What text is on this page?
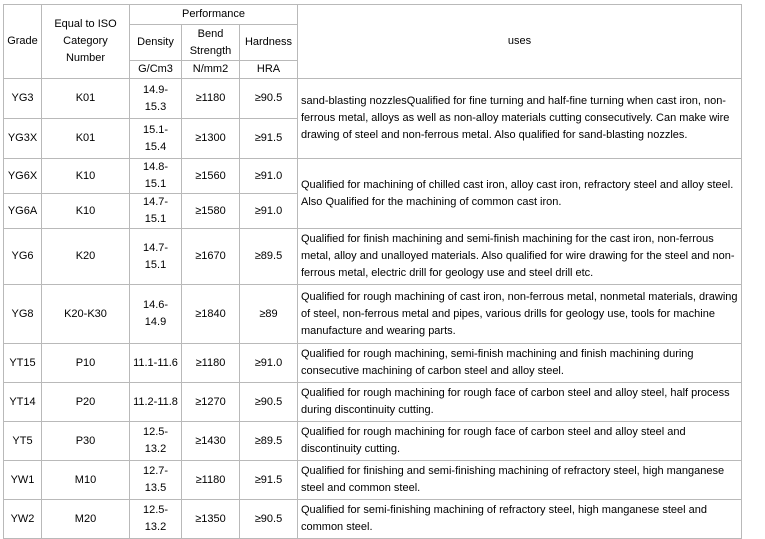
Grade	Equal to ISO Category Number	Performance			uses
		Density	Bend Strength	Hardness	
		G/Cm3	N/mm2	HRA	
YG3	K01	14.9-15.3	≥1180	≥90.5	sand-blasting nozzlesQualified for fine turning and half-fine turning when cast iron, non-ferrous metal, alloys as well as non-alloy materials cutting consecutively. Can make wire drawing of steel and non-ferrous metal. Also qualified for sand-blasting nozzles.
YG3X	K01	15.1-15.4	≥1300	≥91.5	
YG6X	K10	14.8-15.1	≥1560	≥91.0	Qualified for machining of chilled cast iron, alloy cast iron, refractory steel and alloy steel. Also Qualified for the machining of common cast iron.
YG6A	K10	14.7-15.1	≥1580	≥91.0	
YG6	K20	14.7-15.1	≥1670	≥89.5	Qualified for finish machining and semi-finish machining for the cast iron, non-ferrous metal, alloy and unalloyed materials. Also qualified for wire drawing for the steel and non-ferrous metal, electric drill for geology use and steel drill etc.
YG8	K20-K30	14.6-14.9	≥1840	≥89	Qualified for rough machining of cast iron, non-ferrous metal, nonmetal materials, drawing of steel, non-ferrous metal and pipes, various drills for geology use, tools for machine manufacture and wearing parts.
YT15	P10	11.1-11.6	≥1180	≥91.0	Qualified for rough machining, semi-finish machining and finish machining during consecutive machining of carbon steel and alloy steel.
YT14	P20	11.2-11.8	≥1270	≥90.5	Qualified for rough machining for rough face of carbon steel and alloy steel, half process during discontinuity cutting.
YT5	P30	12.5-13.2	≥1430	≥89.5	Qualified for rough machining for rough face of carbon steel and alloy steel and discontinuity cutting.
YW1	M10	12.7-13.5	≥1180	≥91.5	Qualified for finishing and semi-finishing machining of refractory steel, high manganese steel and common steel.
YW2	M20	12.5-13.2	≥1350	≥90.5	Qualified for semi-finishing machining of refractory steel, high manganese steel and common steel.
